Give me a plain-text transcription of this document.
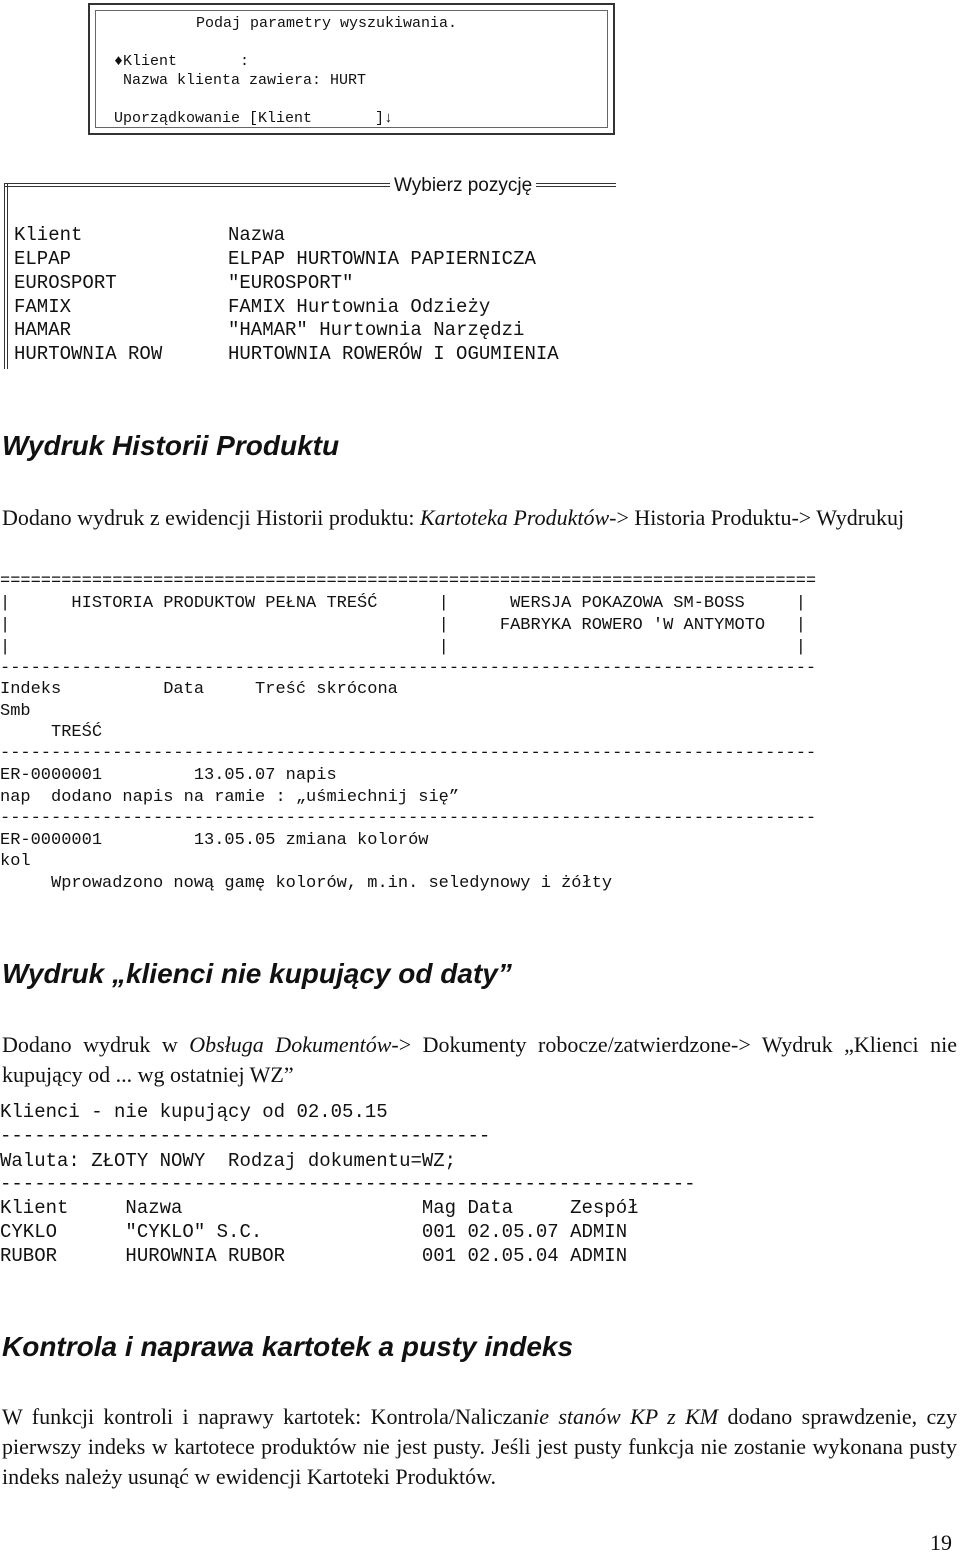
Podaj parametry wyszukiwania.
♦Klient       :
Nazwa klienta zawiera: HURT
Uporządkowanie [Klient       ]↓
Wybierz pozycję
Klient	Nazwa
ELPAP	ELPAP HURTOWNIA PAPIERNICZA
EUROSPORT	"EUROSPORT"
FAMIX	FAMIX Hurtownia Odzieży
HAMAR	"HAMAR" Hurtownia Narzędzi
HURTOWNIA ROW	HURTOWNIA ROWERÓW I OGUMIENIA
Wydruk Historii Produktu
Dodano wydruk z ewidencji Historii produktu: Kartoteka Produktów-> Historia Produktu-> Wydrukuj
================================================================================
|      HISTORIA PRODUKTOW PEŁNA TREŚĆ      |      WERSJA POKAZOWA SM-BOSS     |
|                                          |     FABRYKA ROWERO 'W ANTYMOTO   |
|                                          |                                  |
--------------------------------------------------------------------------------
Indeks          Data     Treść skrócona
Smb
TREŚĆ
--------------------------------------------------------------------------------
ER-0000001         13.05.07 napis
nap  dodano napis na ramie : „uśmiechnij się”
--------------------------------------------------------------------------------
ER-0000001         13.05.05 zmiana kolorów
kol
Wprowadzono nową gamę kolorów, m.in. seledynowy i żółty
Wydruk „klienci nie kupujący od daty”
Dodano wydruk w Obsługa Dokumentów-> Dokumenty robocze/zatwierdzone-> Wydruk „Klienci nie kupujący od ... wg ostatniej WZ”
Klienci - nie kupujący od 02.05.15
-------------------------------------------
Waluta: ZŁOTY NOWY  Rodzaj dokumentu=WZ;
-------------------------------------------------------------
Klient     Nazwa                     Mag Data     Zespół
CYKLO      "CYKLO" S.C.              001 02.05.07 ADMIN
RUBOR      HUROWNIA RUBOR            001 02.05.04 ADMIN
Kontrola i naprawa kartotek a pusty indeks
W funkcji kontroli i naprawy kartotek: Kontrola/Naliczanie stanów KP z KM dodano sprawdzenie, czy pierwszy indeks w kartotece produktów nie jest pusty. Jeśli jest pusty funkcja nie zostanie wykonana pusty indeks należy usunąć w ewidencji Kartoteki Produktów.
19
